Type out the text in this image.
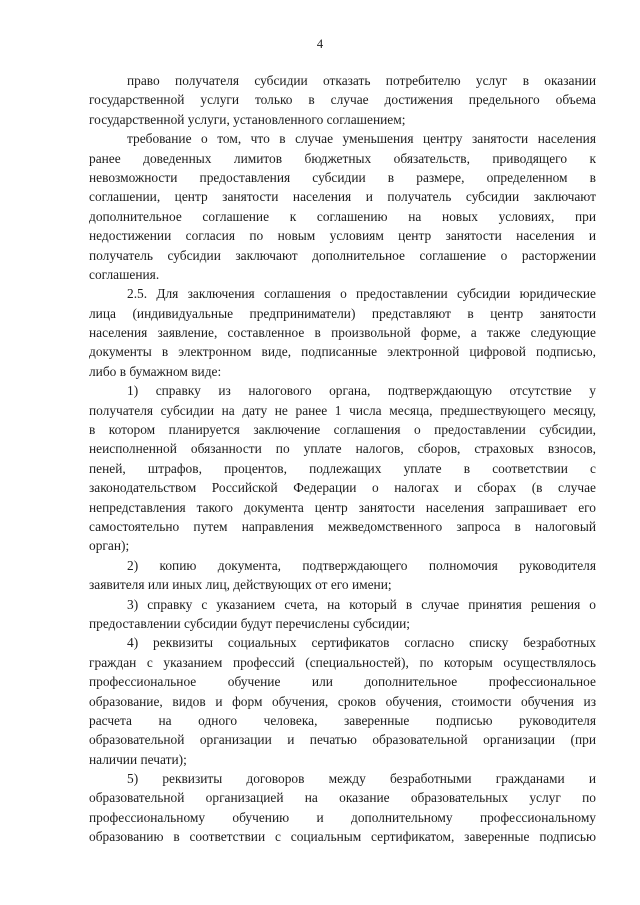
4
право получателя субсидии отказать потребителю услуг в оказании
государственной услуги только в случае достижения предельного объема
государственной услуги, установленного соглашением;
требование о том, что в случае уменьшения центру занятости населения
ранее доведенных лимитов бюджетных обязательств, приводящего к
невозможности предоставления субсидии в размере, определенном в
соглашении, центр занятости населения и получатель субсидии заключают
дополнительное соглашение к соглашению на новых условиях, при
недостижении согласия по новым условиям центр занятости населения и
получатель субсидии заключают дополнительное соглашение о расторжении
соглашения.
2.5. Для заключения соглашения о предоставлении субсидии юридические
лица (индивидуальные предприниматели) представляют в центр занятости
населения заявление, составленное в произвольной форме, а также следующие
документы в электронном виде, подписанные электронной цифровой подписью,
либо в бумажном виде:
1) справку из налогового органа, подтверждающую отсутствие у
получателя субсидии на дату не ранее 1 числа месяца, предшествующего месяцу,
в котором планируется заключение соглашения о предоставлении субсидии,
неисполненной обязанности по уплате налогов, сборов, страховых взносов,
пеней, штрафов, процентов, подлежащих уплате в соответствии с
законодательством Российской Федерации о налогах и сборах (в случае
непредставления такого документа центр занятости населения запрашивает его
самостоятельно путем направления межведомственного запроса в налоговый
орган);
2) копию документа, подтверждающего полномочия руководителя
заявителя или иных лиц, действующих от его имени;
3) справку с указанием счета, на который в случае принятия решения о
предоставлении субсидии будут перечислены субсидии;
4) реквизиты социальных сертификатов согласно списку безработных
граждан с указанием профессий (специальностей), по которым осуществлялось
профессиональное обучение или дополнительное профессиональное
образование, видов и форм обучения, сроков обучения, стоимости обучения из
расчета на одного человека, заверенные подписью руководителя
образовательной организации и печатью образовательной организации (при
наличии печати);
5) реквизиты договоров между безработными гражданами и
образовательной организацией на оказание образовательных услуг по
профессиональному обучению и дополнительному профессиональному
образованию в соответствии с социальным сертификатом, заверенные подписью
